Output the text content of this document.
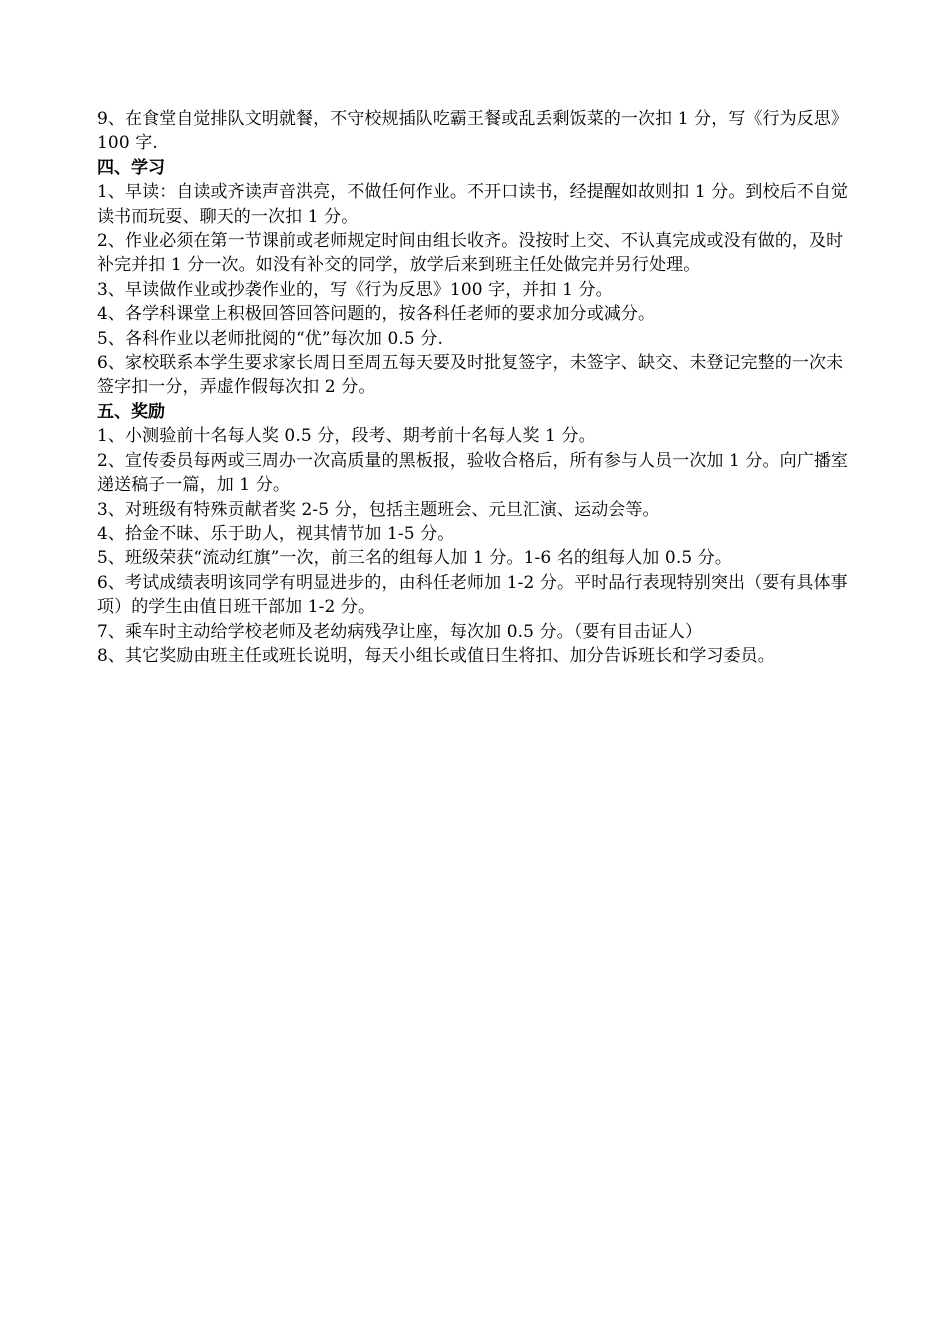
9、在食堂自觉排队文明就餐，不守校规插队吃霸王餐或乱丢剩饭菜的一次扣 1 分，写《行为反思》100 字.

四、学习

1、早读：自读或齐读声音洪亮，不做任何作业。不开口读书，经提醒如故则扣 1 分。到校后不自觉读书而玩耍、聊天的一次扣 1 分。

2、作业必须在第一节课前或老师规定时间由组长收齐。没按时上交、不认真完成或没有做的，及时补完并扣 1 分一次。如没有补交的同学，放学后来到班主任处做完并另行处理。

3、早读做作业或抄袭作业的，写《行为反思》100 字，并扣 1 分。

4、各学科课堂上积极回答回答问题的，按各科任老师的要求加分或减分。

5、各科作业以老师批阅的“优”每次加 0.5 分.

6、家校联系本学生要求家长周日至周五每天要及时批复签字，未签字、缺交、未登记完整的一次未签字扣一分，弄虚作假每次扣 2 分。

五、奖励

1、小测验前十名每人奖 0.5 分，段考、期考前十名每人奖 1 分。

2、宣传委员每两或三周办一次高质量的黑板报，验收合格后，所有参与人员一次加 1 分。向广播室递送稿子一篇，加 1 分。

3、对班级有特殊贡献者奖 2-5 分，包括主题班会、元旦汇演、运动会等。

4、拾金不昧、乐于助人，视其情节加 1-5 分。

5、班级荣获“流动红旗”一次，前三名的组每人加 1 分。1-6 名的组每人加 0.5 分。

6、考试成绩表明该同学有明显进步的，由科任老师加 1-2 分。平时品行表现特别突出（要有具体事项）的学生由值日班干部加 1-2 分。

7、乘车时主动给学校老师及老幼病残孕让座，每次加 0.5 分。（要有目击证人）

8、其它奖励由班主任或班长说明，每天小组长或值日生将扣、加分告诉班长和学习委员。
